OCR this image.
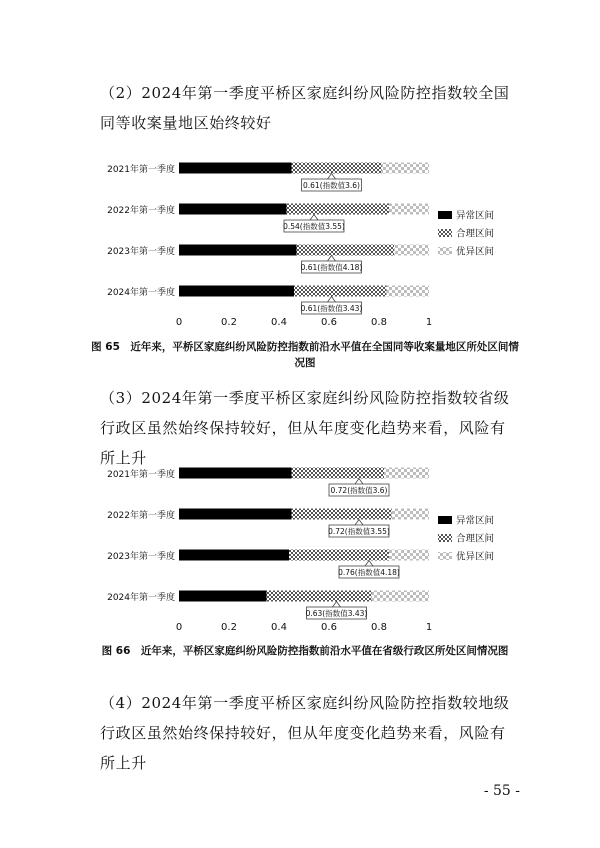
（2）2024年第一季度平桥区家庭纠纷风险防控指数较全国同等收案量地区始终较好

2021年第一季度
0.61(指数值3.6)
2022年第一季度
0.54(指数值3.55)
2023年第一季度
0.61(指数值4.18)
2024年第一季度
0.61(指数值3.43)
0	0.2	0.4	0.6	0.8	1
异常区间
合理区间
优异区间
图 65　近年来，平桥区家庭纠纷风险防控指数前沿水平值在全国同等收案量地区所处区间情况图

（3）2024年第一季度平桥区家庭纠纷风险防控指数较省级行政区虽然始终保持较好，但从年度变化趋势来看，风险有所上升

2021年第一季度
0.72(指数值3.6)
2022年第一季度
0.72(指数值3.55)
2023年第一季度
0.76(指数值4.18)
2024年第一季度
0.63(指数值3.43)
0	0.2	0.4	0.6	0.8	1
异常区间
合理区间
优异区间
图 66　近年来，平桥区家庭纠纷风险防控指数前沿水平值在省级行政区所处区间情况图

（4）2024年第一季度平桥区家庭纠纷风险防控指数较地级行政区虽然始终保持较好，但从年度变化趋势来看，风险有所上升

- 55 -
